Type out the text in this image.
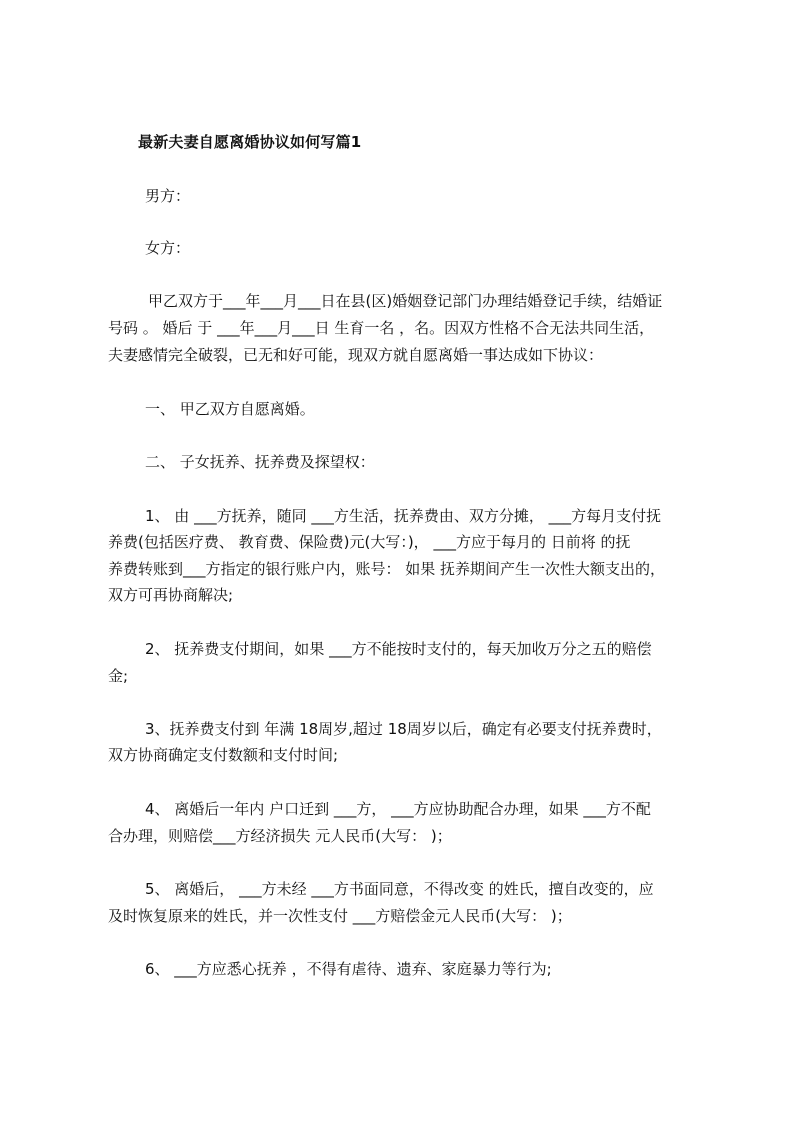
最新夫妻自愿离婚协议如何写篇1
男方：
女方：
甲乙双方于___年___月___日在县(区)婚姻登记部门办理结婚登记手续，结婚证
号码 。 婚后 于 ___年___月___日 生育一名 ，名。因双方性格不合无法共同生活，
夫妻感情完全破裂，已无和好可能，现双方就自愿离婚一事达成如下协议：
一、 甲乙双方自愿离婚。
二、 子女抚养、抚养费及探望权：
1、 由 ___方抚养，随同 ___方生活，抚养费由、双方分摊， ___方每月支付抚
养费(包括医疗费、 教育费、保险费)元(大写：)， ___方应于每月的 日前将 的抚
养费转账到___方指定的银行账户内，账号： 如果 抚养期间产生一次性大额支出的，
双方可再协商解决;
2、 抚养费支付期间，如果 ___方不能按时支付的，每天加收万分之五的赔偿
金;
3、抚养费支付到 年满 18周岁,超过 18周岁以后，确定有必要支付抚养费时，
双方协商确定支付数额和支付时间;
4、 离婚后一年内 户口迁到 ___方， ___方应协助配合办理，如果 ___方不配
合办理，则赔偿___方经济损失 元人民币(大写： )；
5、 离婚后， ___方未经 ___方书面同意，不得改变 的姓氏，擅自改变的，应
及时恢复原来的姓氏，并一次性支付 ___方赔偿金元人民币(大写： )；
6、 ___方应悉心抚养 ，不得有虐待、遗弃、家庭暴力等行为;
